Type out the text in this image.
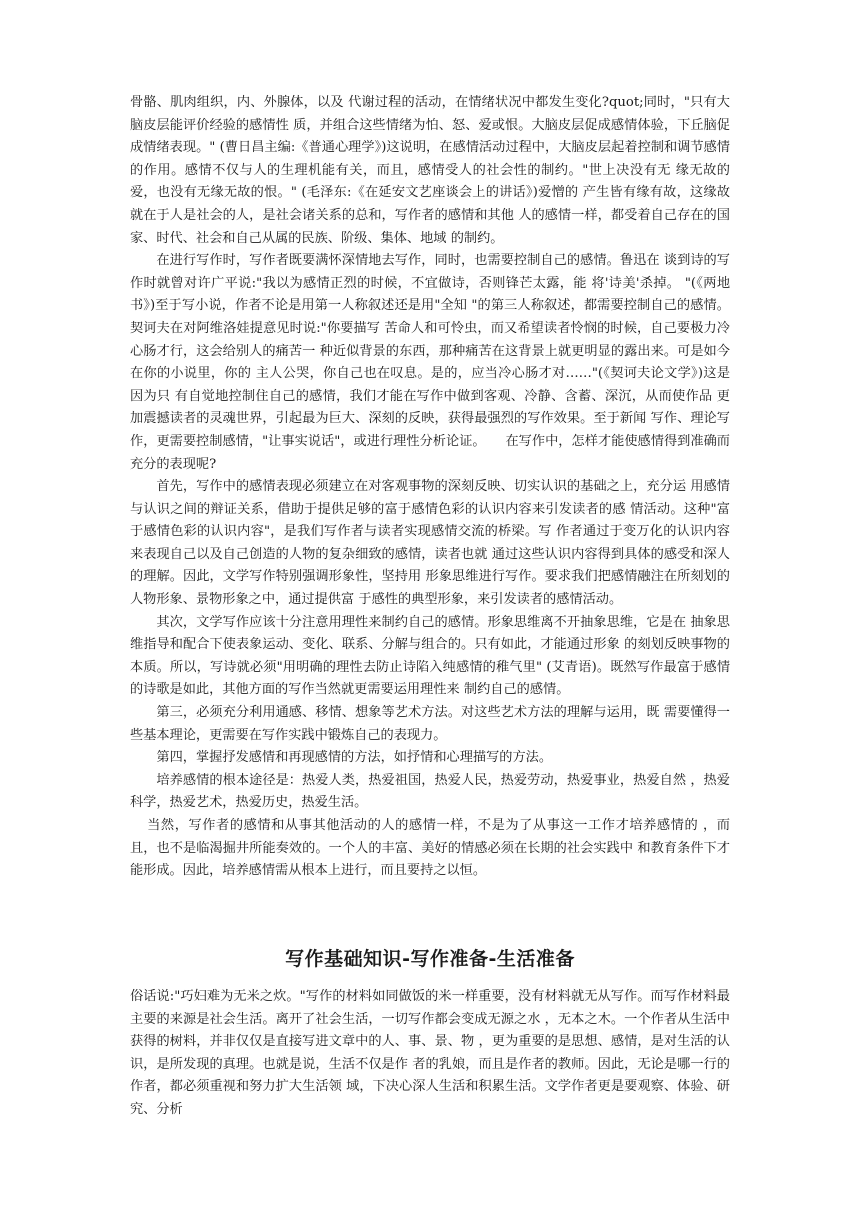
骨骼、肌肉组织，内、外腺体，以及 代谢过程的活动，在情绪状况中都发生变化?quot;同时，"只有大脑皮层能评价经验的感情性 质，并组合这些情绪为怕、怒、爱或恨。大脑皮层促成感情体验，下丘脑促成情绪表现。" (曹日昌主编:《普通心理学》)这说明，在感情活动过程中，大脑皮层起着控制和调节感情 的作用。感情不仅与人的生理机能有关，而且，感情受人的社会性的制约。"世上决没有无 缘无故的爱，也没有无缘无故的恨。" (毛泽东:《在延安文艺座谈会上的讲话》)爱憎的 产生皆有缘有故，这缘故就在于人是社会的人，是社会诸关系的总和，写作者的感情和其他 人的感情一样，都受着自己存在的国家、时代、社会和自己从属的民族、阶级、集体、地域 的制约。

在进行写作时，写作者既要满怀深情地去写作，同时，也需要控制自己的感情。鲁迅在 谈到诗的写作时就曾对许广平说:"我以为感情正烈的时候，不宜做诗，否则锋芒太露，能 将'诗美'杀掉。 "(《两地书》)至于写小说，作者不论是用第一人称叙述还是用"全知 "的第三人称叙述，都需要控制自己的感情。契诃夫在对阿维洛娃提意见时说:"你要描写 苦命人和可怜虫，而又希望读者怜悯的时候，自己要极力冷心肠才行，这会给别人的痛苦一 种近似背景的东西，那种痛苦在这背景上就更明显的露出来。可是如今在你的小说里，你的 主人公哭，你自己也在叹息。是的，应当冷心肠才对……"(《契诃夫论文学》)这是因为只 有自觉地控制住自己的感情，我们才能在写作中做到客观、冷静、含蓄、深沉，从而使作品 更加震撼读者的灵魂世界，引起最为巨大、深刻的反映，获得最强烈的写作效果。至于新闻 写作、理论写作，更需要控制感情，"让事实说话"，或进行理性分析论证。　　在写作中，怎样才能使感情得到准确而充分的表现呢?

首先，写作中的感情表现必须建立在对客观事物的深刻反映、切实认识的基础之上，充分运 用感情与认识之间的辩证关系，借助于提供足够的富于感情色彩的认识内容来引发读者的感 情活动。这种"富于感情色彩的认识内容"，是我们写作者与读者实现感情交流的桥梁。写 作者通过于变万化的认识内容来表现自己以及自己创造的人物的复杂细致的感情，读者也就 通过这些认识内容得到具体的感受和深人的理解。因此，文学写作特别强调形象性，坚持用 形象思维进行写作。要求我们把感情融注在所刻划的人物形象、景物形象之中，通过提供富 于感性的典型形象，来引发读者的感情活动。

其次，文学写作应该十分注意用理性来制约自己的感情。形象思维离不开抽象思维，它是在 抽象思维指导和配合下使表象运动、变化、联系、分解与组合的。只有如此，才能通过形象 的刻划反映事物的本质。所以，写诗就必须"用明确的理性去防止诗陷入纯感情的稚气里" (艾青语)。既然写作最富于感情的诗歌是如此，其他方面的写作当然就更需要运用理性来 制约自己的感情。

第三，必须充分利用通感、移情、想象等艺术方法。对这些艺术方法的理解与运用，既 需要懂得一些基本理论，更需要在写作实践中锻炼自己的表现力。

第四，掌握抒发感情和再现感情的方法，如抒情和心理描写的方法。

培养感情的根本途径是：热爱人类，热爱祖国，热爱人民，热爱劳动，热爱事业，热爱自然 ，热爱科学，热爱艺术，热爱历史，热爱生活。

当然，写作者的感情和从事其他活动的人的感情一样，不是为了从事这一工作才培养感情的 ，而且，也不是临渴掘井所能奏效的。一个人的丰富、美好的情感必须在长期的社会实践中 和教育条件下才能形成。因此，培养感情需从根本上进行，而且要持之以恒。

写作基础知识-写作准备-生活准备

俗话说:"巧妇难为无米之炊。"写作的材料如同做饭的米一样重要，没有材料就无从写作。而写作材料最主要的来源是社会生活。离开了社会生活，一切写作都会变成无源之水 ，无本之木。一个作者从生活中获得的树料，并非仅仅是直接写进文章中的人、事、景、物 ，更为重要的是思想、感情，是对生活的认识，是所发现的真理。也就是说，生活不仅是作 者的乳娘，而且是作者的教师。因此，无论是哪一行的作者，都必须重视和努力扩大生活领 域，下决心深人生活和积累生活。文学作者更是要观察、体验、研究、分析
